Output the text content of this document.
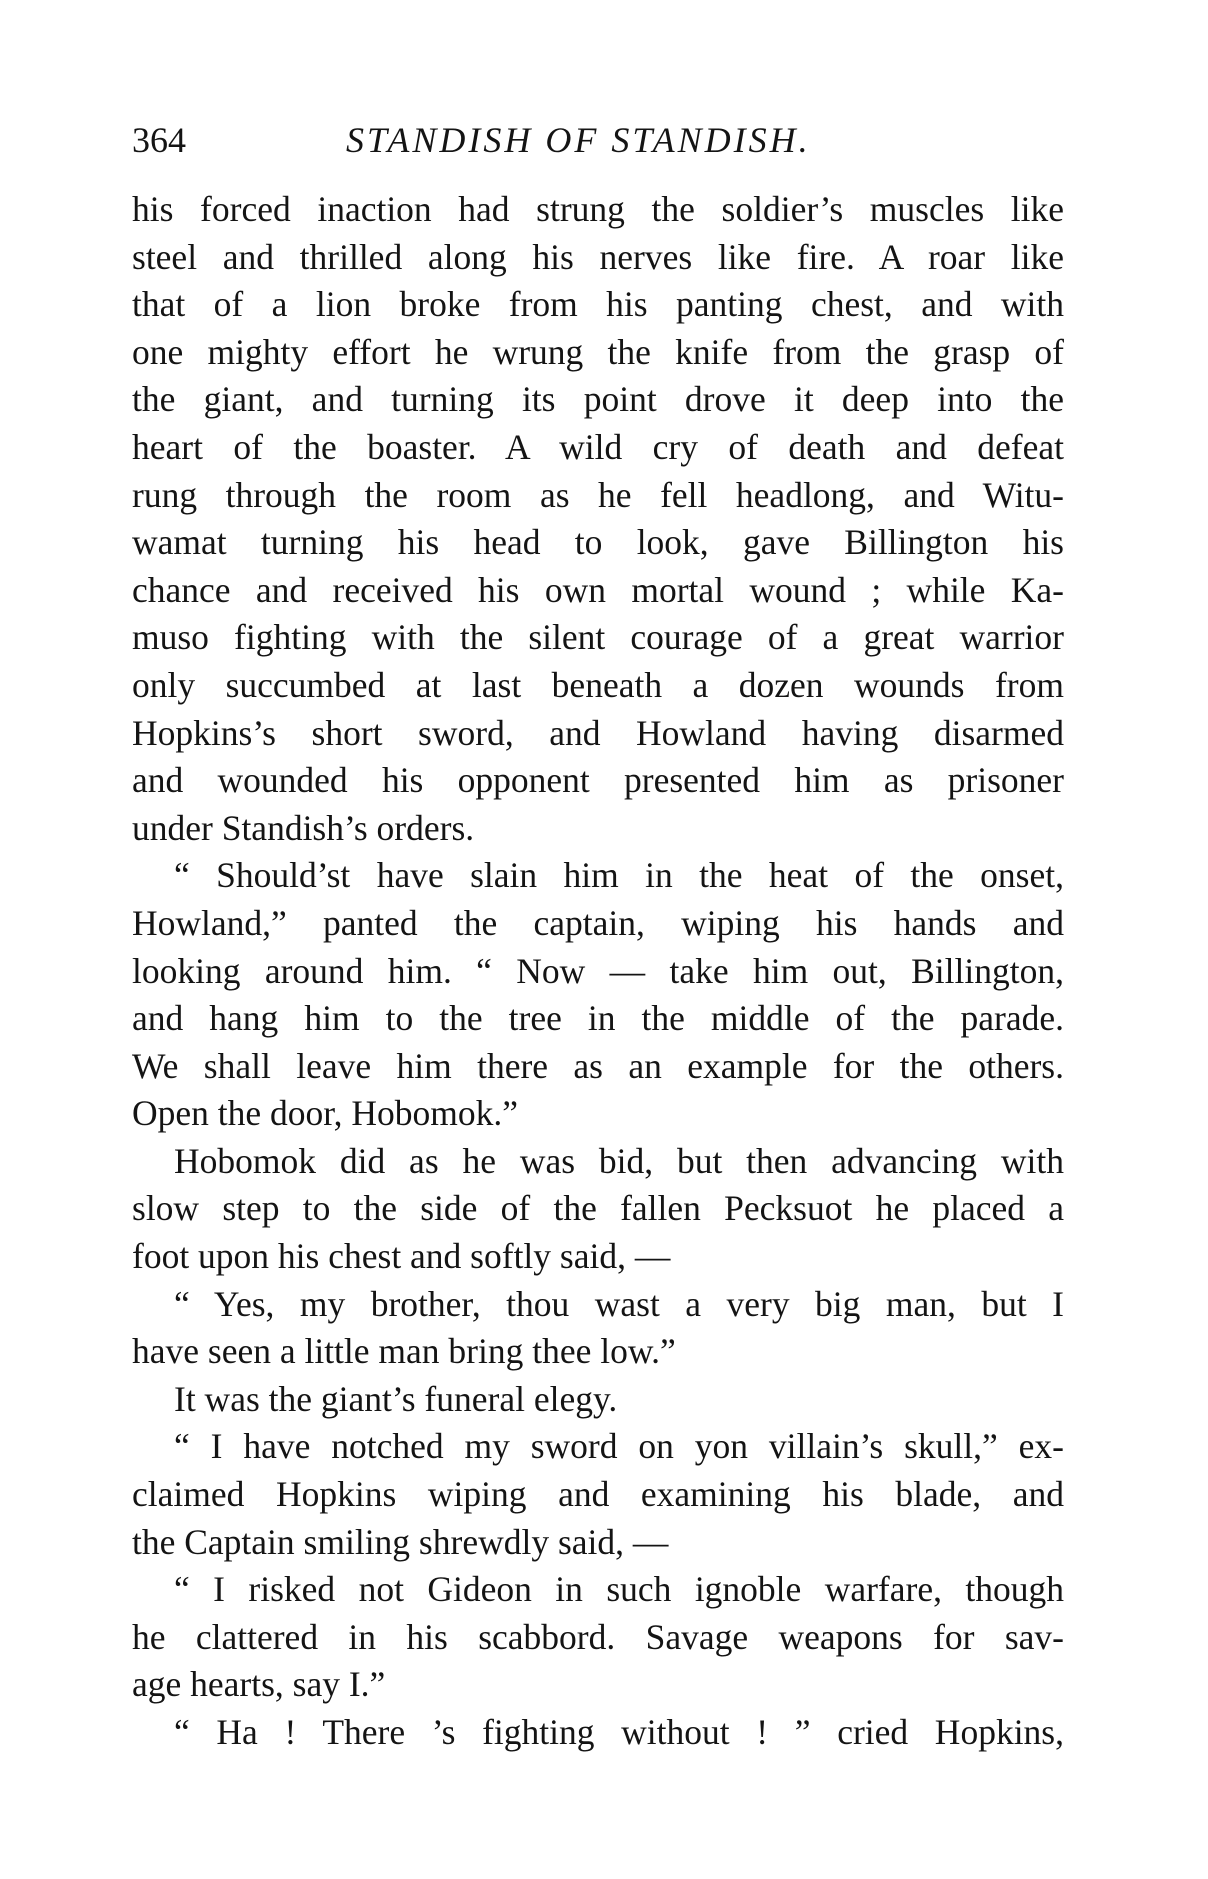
364	STANDISH OF STANDISH.
his forced inaction had strung the soldier’s muscles like
steel and thrilled along his nerves like fire. A roar like
that of a lion broke from his panting chest, and with
one mighty effort he wrung the knife from the grasp of
the giant, and turning its point drove it deep into the
heart of the boaster. A wild cry of death and defeat
rung through the room as he fell headlong, and Witu-
wamat turning his head to look, gave Billington his
chance and received his own mortal wound ; while Ka-
muso fighting with the silent courage of a great warrior
only succumbed at last beneath a dozen wounds from
Hopkins’s short sword, and Howland having disarmed
and wounded his opponent presented him as prisoner
under Standish’s orders.
“ Should’st have slain him in the heat of the onset,
Howland,” panted the captain, wiping his hands and
looking around him. “ Now — take him out, Billington,
and hang him to the tree in the middle of the parade.
We shall leave him there as an example for the others.
Open the door, Hobomok.”
Hobomok did as he was bid, but then advancing with
slow step to the side of the fallen Pecksuot he placed a
foot upon his chest and softly said, —
“ Yes, my brother, thou wast a very big man, but I
have seen a little man bring thee low.”
It was the giant’s funeral elegy.
“ I have notched my sword on yon villain’s skull,” ex-
claimed Hopkins wiping and examining his blade, and
the Captain smiling shrewdly said, —
“ I risked not Gideon in such ignoble warfare, though
he clattered in his scabbord. Savage weapons for sav-
age hearts, say I.”
“ Ha ! There ’s fighting without ! ” cried Hopkins,
